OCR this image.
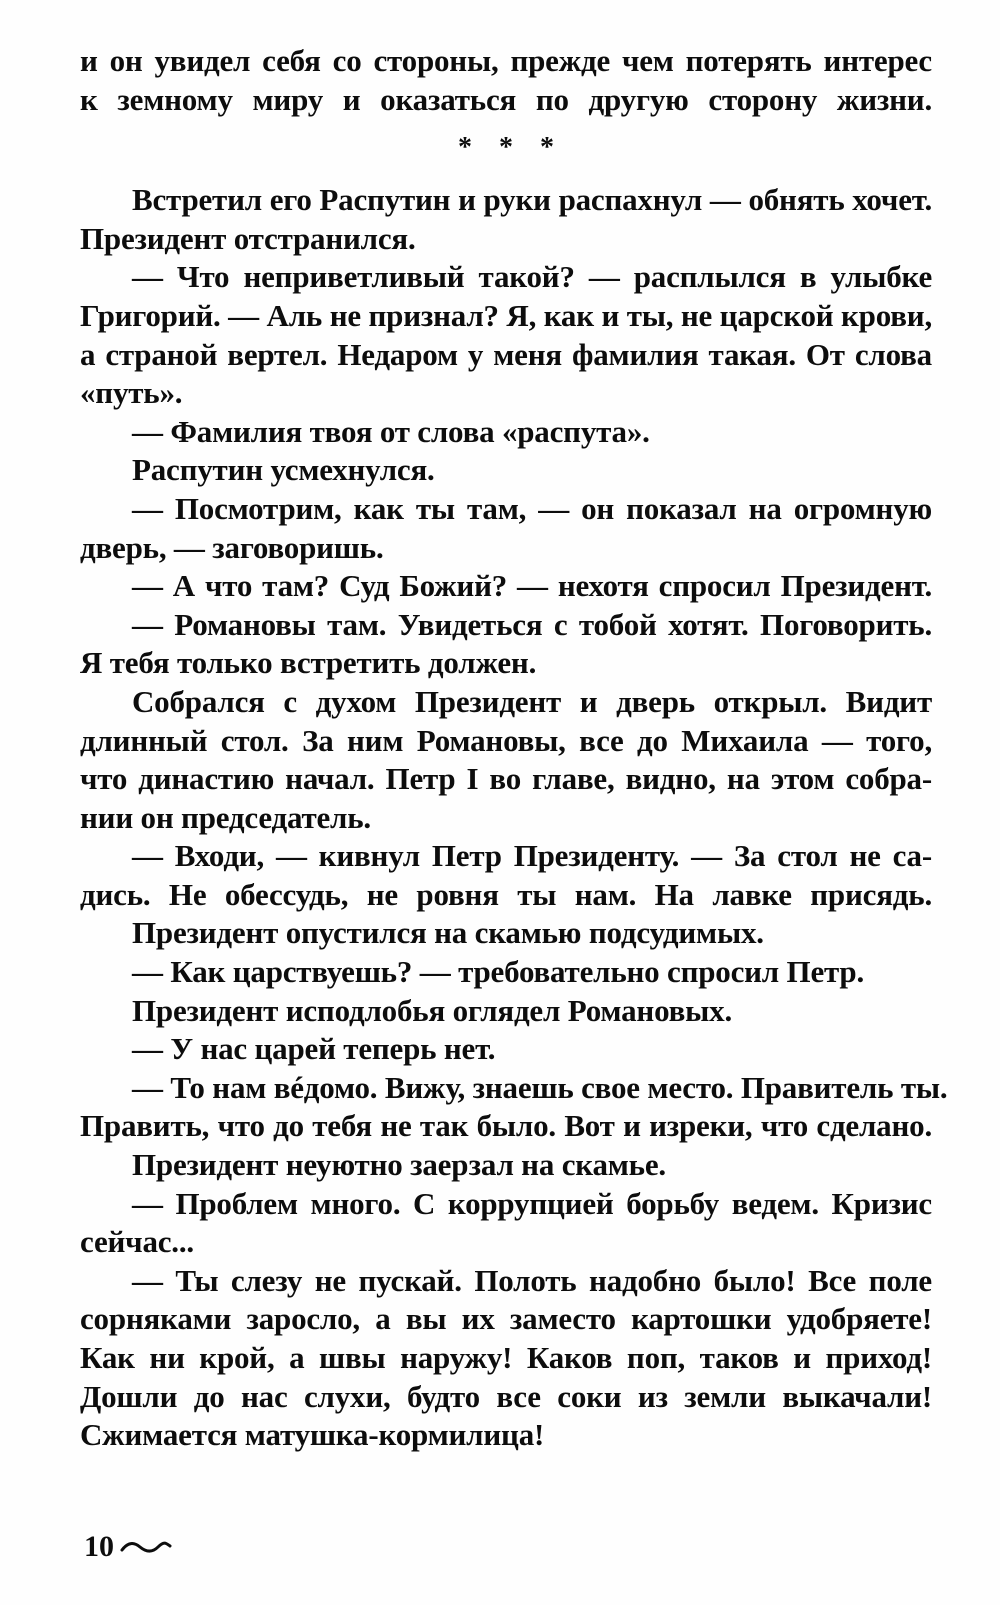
и он увидел себя со стороны, прежде чем потерять интерес
к земному миру и оказаться по другую сторону жизни.
* * *
Встретил его Распутин и руки распахнул — обнять хочет.
Президент отстранился.
— Что неприветливый такой? — расплылся в улыбке
Григорий. — Аль не признал? Я, как и ты, не царской крови,
а страной вертел. Недаром у меня фамилия такая. От слова
«путь».
— Фамилия твоя от слова «распута».
Распутин усмехнулся.
— Посмотрим, как ты там, — он показал на огромную
дверь, — заговоришь.
— А что там? Суд Божий? — нехотя спросил Президент.
— Романовы там. Увидеться с тобой хотят. Поговорить.
Я тебя только встретить должен.
Собрался с духом Президент и дверь открыл. Видит
длинный стол. За ним Романовы, все до Михаила — того,
что династию начал. Петр I во главе, видно, на этом собра-
нии он председатель.
— Входи, — кивнул Петр Президенту. — За стол не са-
дись. Не обессудь, не ровня ты нам. На лавке присядь.
Президент опустился на скамью подсудимых.
— Как царствуешь? — требовательно спросил Петр.
Президент исподлобья оглядел Романовых.
— У нас царей теперь нет.
— То нам вéдомо. Вижу, знаешь свое место. Правитель ты.
Править, что до тебя не так было. Вот и изреки, что сделано.
Президент неуютно заерзал на скамье.
— Проблем много. С коррупцией борьбу ведем. Кризис
сейчас...
— Ты слезу не пускай. Полоть надобно было! Все поле
сорняками заросло, а вы их заместо картошки удобряете!
Как ни крой, а швы наружу! Каков поп, таков и приход!
Дошли до нас слухи, будто все соки из земли выкачали!
Сжимается матушка-кормилица!
10
